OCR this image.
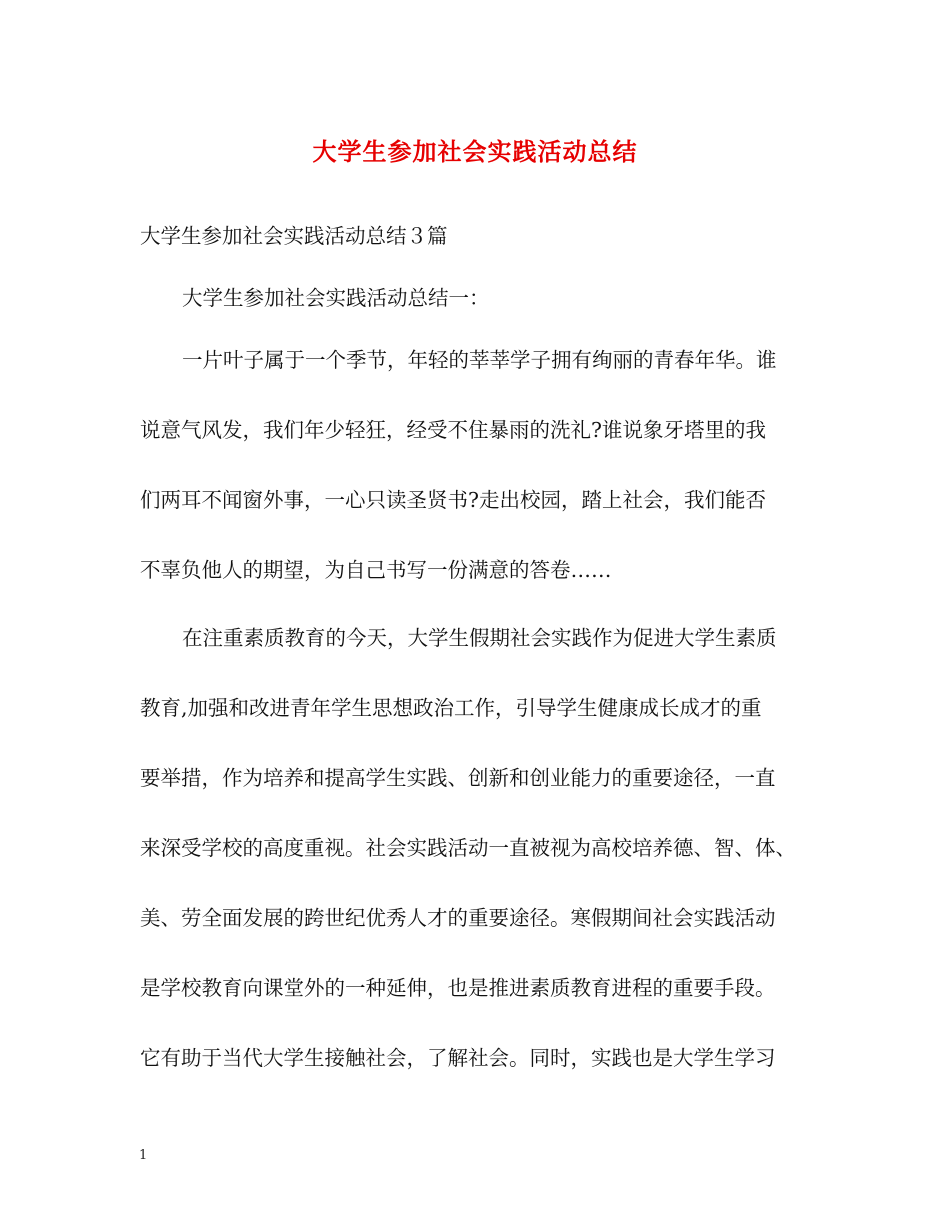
大学生参加社会实践活动总结
大学生参加社会实践活动总结３篇
大学生参加社会实践活动总结一：
一片叶子属于一个季节，年轻的莘莘学子拥有绚丽的青春年华。谁
说意气风发，我们年少轻狂，经受不住暴雨的洗礼?谁说象牙塔里的我
们两耳不闻窗外事，一心只读圣贤书?走出校园，踏上社会，我们能否
不辜负他人的期望，为自己书写一份满意的答卷……
在注重素质教育的今天，大学生假期社会实践作为促进大学生素质
教育,加强和改进青年学生思想政治工作，引导学生健康成长成才的重
要举措，作为培养和提高学生实践、创新和创业能力的重要途径，一直
来深受学校的高度重视。社会实践活动一直被视为高校培养德、智、体、
美、劳全面发展的跨世纪优秀人才的重要途径。寒假期间社会实践活动
是学校教育向课堂外的一种延伸，也是推进素质教育进程的重要手段。
它有助于当代大学生接触社会，了解社会。同时，实践也是大学生学习
1
